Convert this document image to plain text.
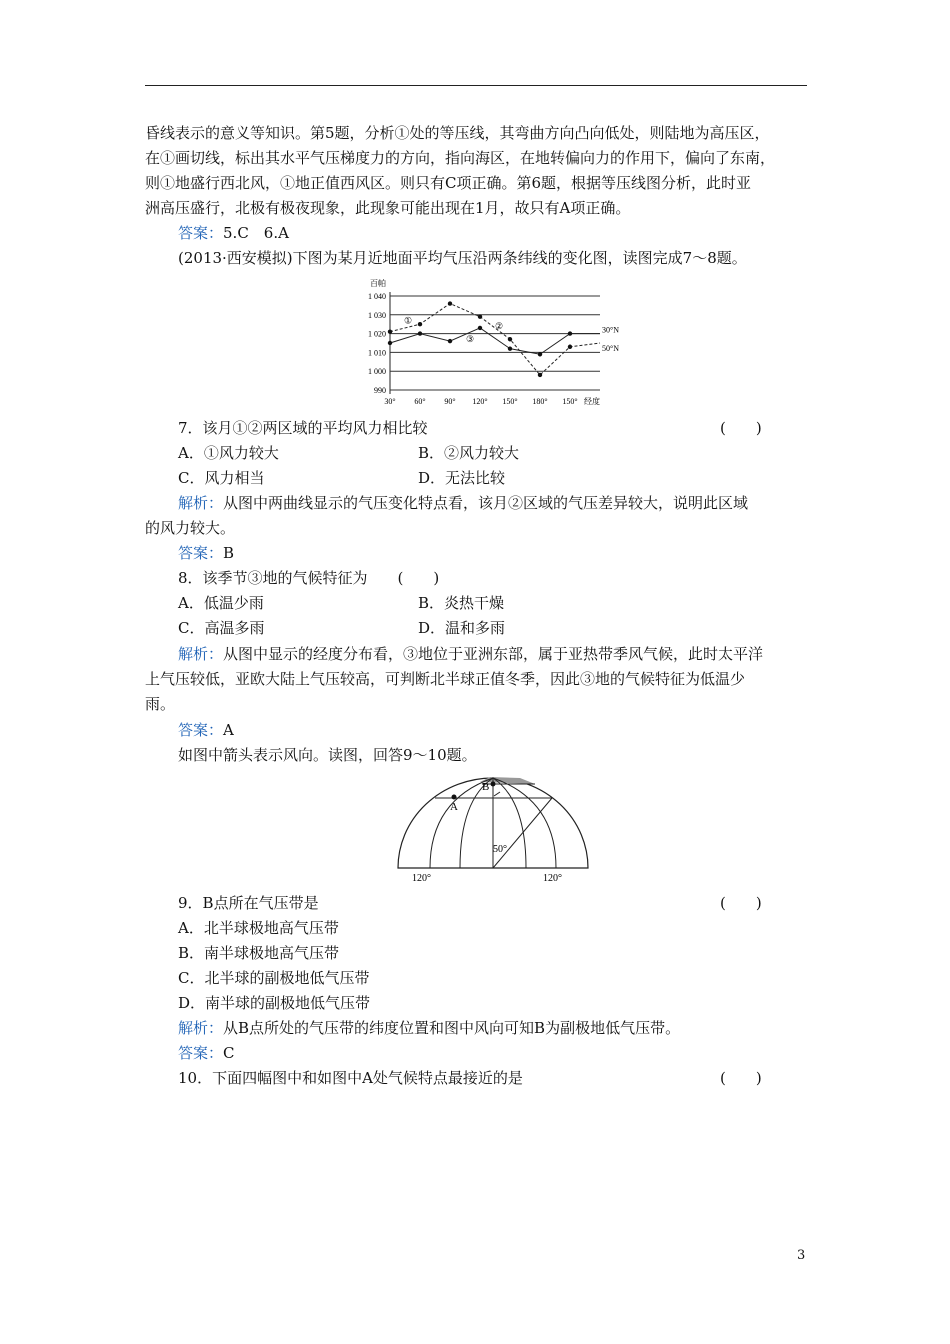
昏线表示的意义等知识。第5题，分析①处的等压线，其弯曲方向凸向低处，则陆地为高压区，
在①画切线，标出其水平气压梯度力的方向，指向海区，在地转偏向力的作用下，偏向了东南，
则①地盛行西北风，①地正值西风区。则只有C项正确。第6题，根据等压线图分析，此时亚
洲高压盛行，北极有极夜现象，此现象可能出现在1月，故只有A项正确。
答案：5.C　6.A
(2013·西安模拟)下图为某月近地面平均气压沿两条纬线的变化图，读图完成7～8题。
1 040
1 030
1 020
1 010
1 000
990
百帕
30° 60° 90° 120° 150° 180° 150° 经度
30°N
50°N
①
②
③
7．该月①②两区域的平均风力相比较	(　　)
A．①风力较大	B．②风力较大
C．风力相当	D．无法比较
解析：从图中两曲线显示的气压变化特点看，该月②区域的气压差异较大，说明此区域
的风力较大。
答案：B
8．该季节③地的气候特征为　　(　　)
A．低温少雨	B．炎热干燥
C．高温多雨	D．温和多雨
解析：从图中显示的经度分布看，③地位于亚洲东部，属于亚热带季风气候，此时太平洋
上气压较低，亚欧大陆上气压较高，可判断北半球正值冬季，因此③地的气候特征为低温少
雨。
答案：A
如图中箭头表示风向。读图，回答9～10题。
A
B
50°
120°	120°
9．B点所在气压带是	(　　)
A．北半球极地高气压带
B．南半球极地高气压带
C．北半球的副极地低气压带
D．南半球的副极地低气压带
解析：从B点所处的气压带的纬度位置和图中风向可知B为副极地低气压带。
答案：C
10．下面四幅图中和如图中A处气候特点最接近的是	(　　)
3
